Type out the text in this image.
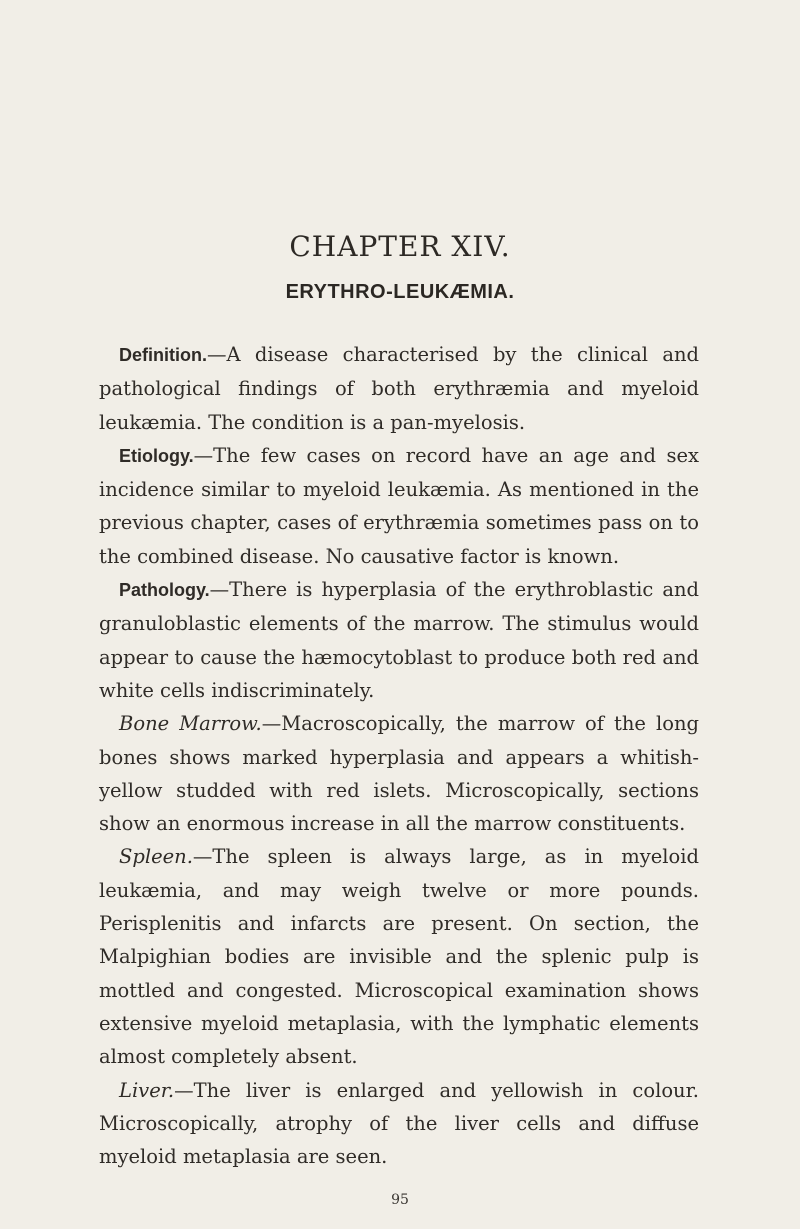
CHAPTER XIV.
ERYTHRO-LEUKÆMIA.

Definition.—A disease characterised by the clinical and pathological findings of both erythræmia and myeloid leukæmia. The condition is a pan-myelosis.

Etiology.—The few cases on record have an age and sex incidence similar to myeloid leukæmia. As mentioned in the previous chapter, cases of erythræmia sometimes pass on to the combined disease. No causative factor is known.

Pathology.—There is hyperplasia of the erythroblastic and granuloblastic elements of the marrow. The stimulus would appear to cause the hæmocytoblast to produce both red and white cells indiscriminately.

Bone Marrow.—Macroscopically, the marrow of the long bones shows marked hyperplasia and appears a whitish-yellow studded with red islets. Microscopically, sections show an enormous increase in all the marrow constituents.

Spleen.—The spleen is always large, as in myeloid leukæmia, and may weigh twelve or more pounds. Perisplenitis and infarcts are present. On section, the Malpighian bodies are invisible and the splenic pulp is mottled and congested. Microscopical examination shows extensive myeloid metaplasia, with the lymphatic elements almost completely absent.

Liver.—The liver is enlarged and yellowish in colour. Microscopically, atrophy of the liver cells and diffuse myeloid metaplasia are seen.

95
